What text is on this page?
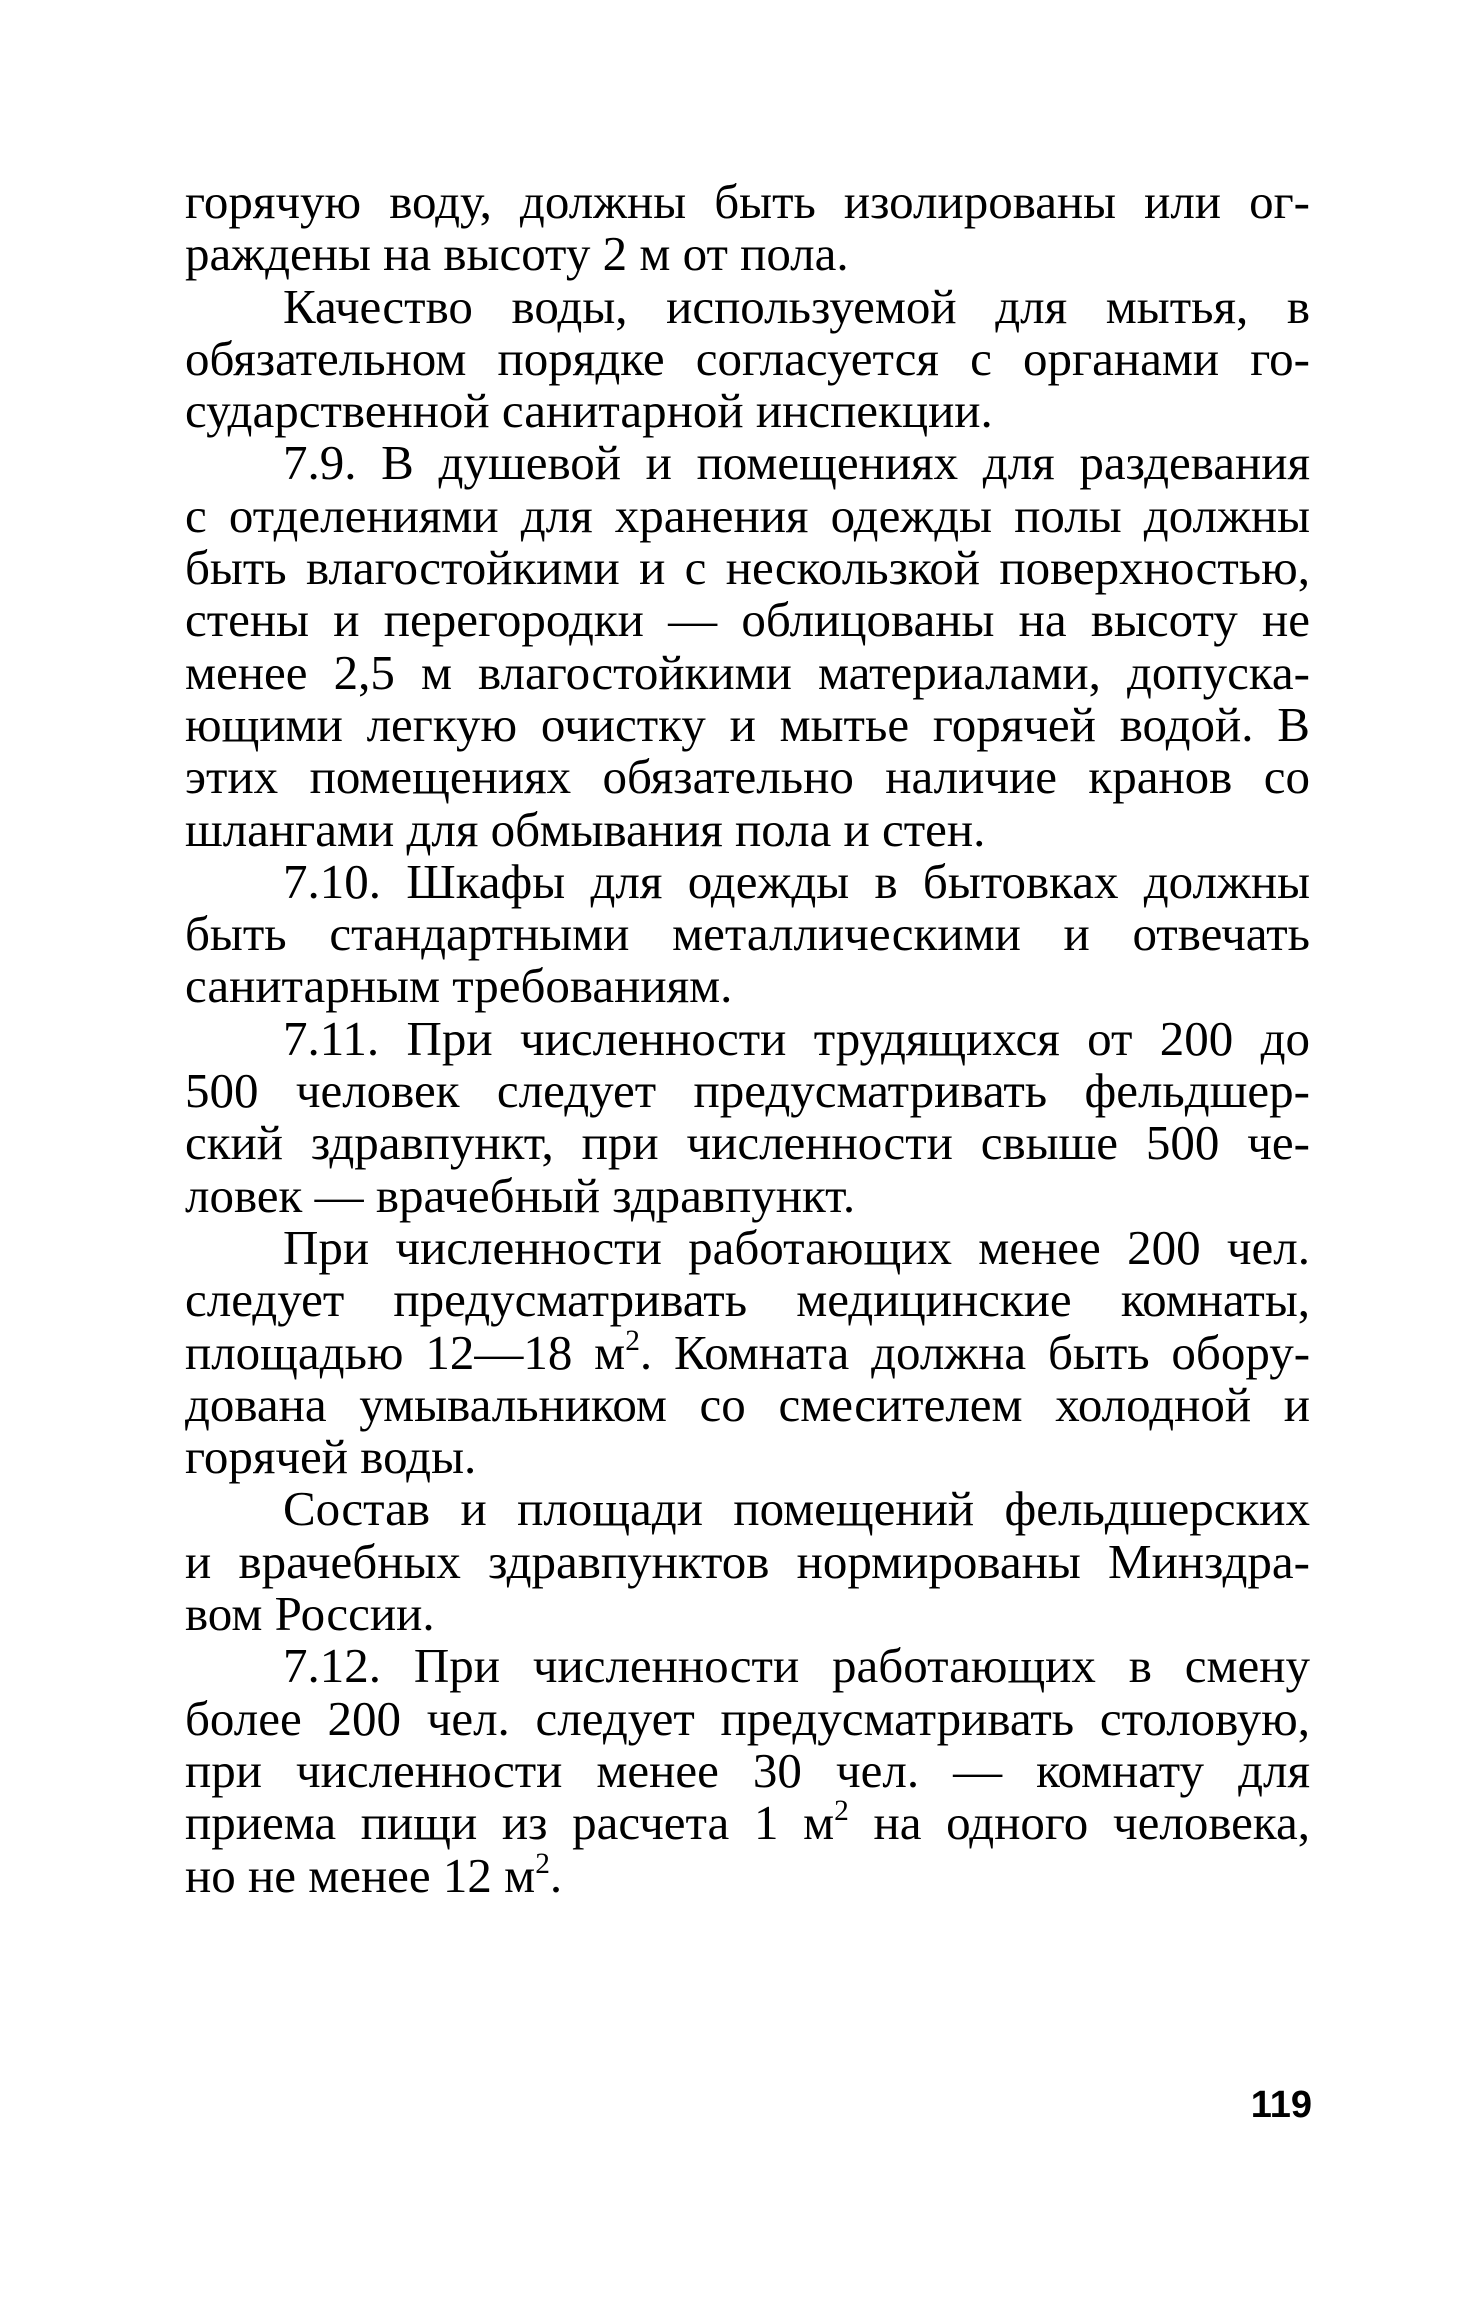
горячую воду, должны быть изолированы или ог-
раждены на высоту 2 м от пола.
Качество воды, используемой для мытья, в
обязательном порядке согласуется с органами го-
сударственной санитарной инспекции.
7.9. В душевой и помещениях для раздевания
с отделениями для хранения одежды полы должны
быть влагостойкими и с нескользкой поверхностью,
стены и перегородки — облицованы на высоту не
менее 2,5 м влагостойкими материалами, допуска-
ющими легкую очистку и мытье горячей водой. В
этих помещениях обязательно наличие кранов со
шлангами для обмывания пола и стен.
7.10. Шкафы для одежды в бытовках должны
быть стандартными металлическими и отвечать
санитарным требованиям.
7.11. При численности трудящихся от 200 до
500 человек следует предусматривать фельдшер-
ский здравпункт, при численности свыше 500 че-
ловек — врачебный здравпункт.
При численности работающих менее 200 чел.
следует предусматривать медицинские комнаты,
площадью 12—18 $м^2$. Комната должна быть обору-
дована умывальником со смесителем холодной и
горячей воды.
Состав и площади помещений фельдшерских
и врачебных здравпунктов нормированы Минздра-
вом России.
7.12. При численности работающих в смену
более 200 чел. следует предусматривать столовую,
при численности менее 30 чел. — комнату для
приема пищи из расчета 1 $м^2$ на одного человека,
но не менее 12 $м^2$.
119
